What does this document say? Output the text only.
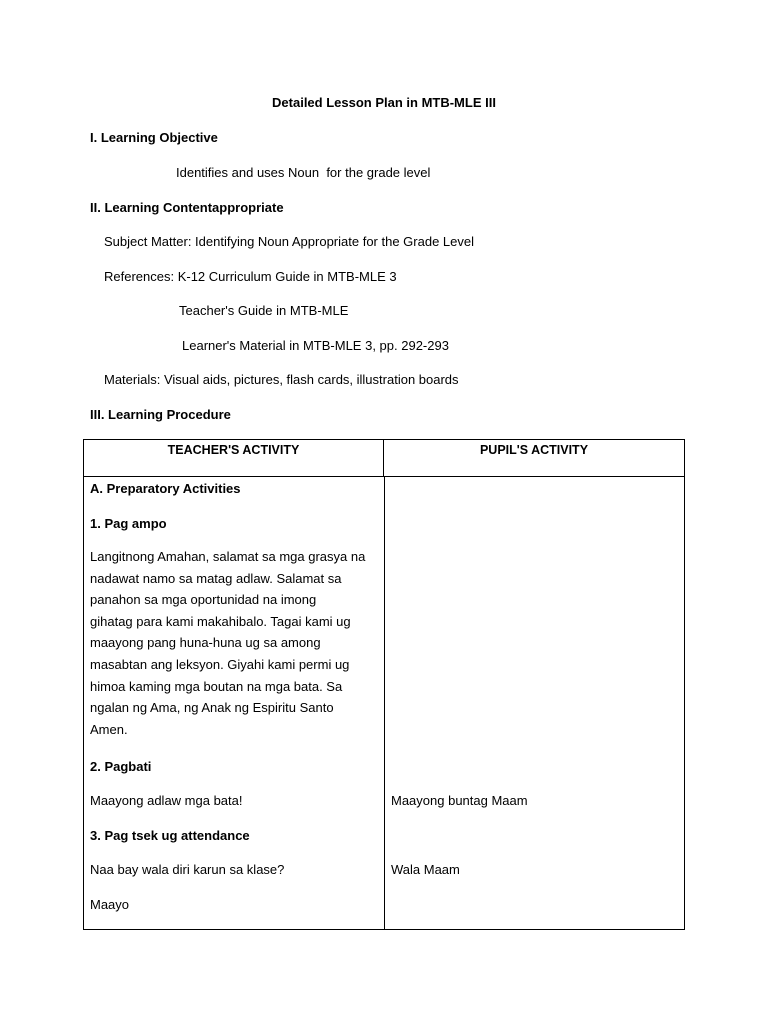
Detailed Lesson Plan in MTB-MLE III
I. Learning Objective
Identifies and uses Noun  for the grade level
II. Learning Contentappropriate
Subject Matter: Identifying Noun Appropriate for the Grade Level
References: K-12 Curriculum Guide in MTB-MLE 3
Teacher's Guide in MTB-MLE
Learner's Material in MTB-MLE 3, pp. 292-293
Materials: Visual aids, pictures, flash cards, illustration boards
III. Learning Procedure
TEACHER'S ACTIVITY	PUPIL'S ACTIVITY
A. Preparatory Activities
1. Pag ampo
Langitnong Amahan, salamat sa mga grasya na
nadawat namo sa matag adlaw. Salamat sa
panahon sa mga oportunidad na imong
gihatag para kami makahibalo. Tagai kami ug
maayong pang huna-huna ug sa among
masabtan ang leksyon. Giyahi kami permi ug
himoa kaming mga boutan na mga bata. Sa
ngalan ng Ama, ng Anak ng Espiritu Santo
Amen.
2. Pagbati
Maayong adlaw mga bata!	Maayong buntag Maam
3. Pag tsek ug attendance
Naa bay wala diri karun sa klase?	Wala Maam
Maayo
